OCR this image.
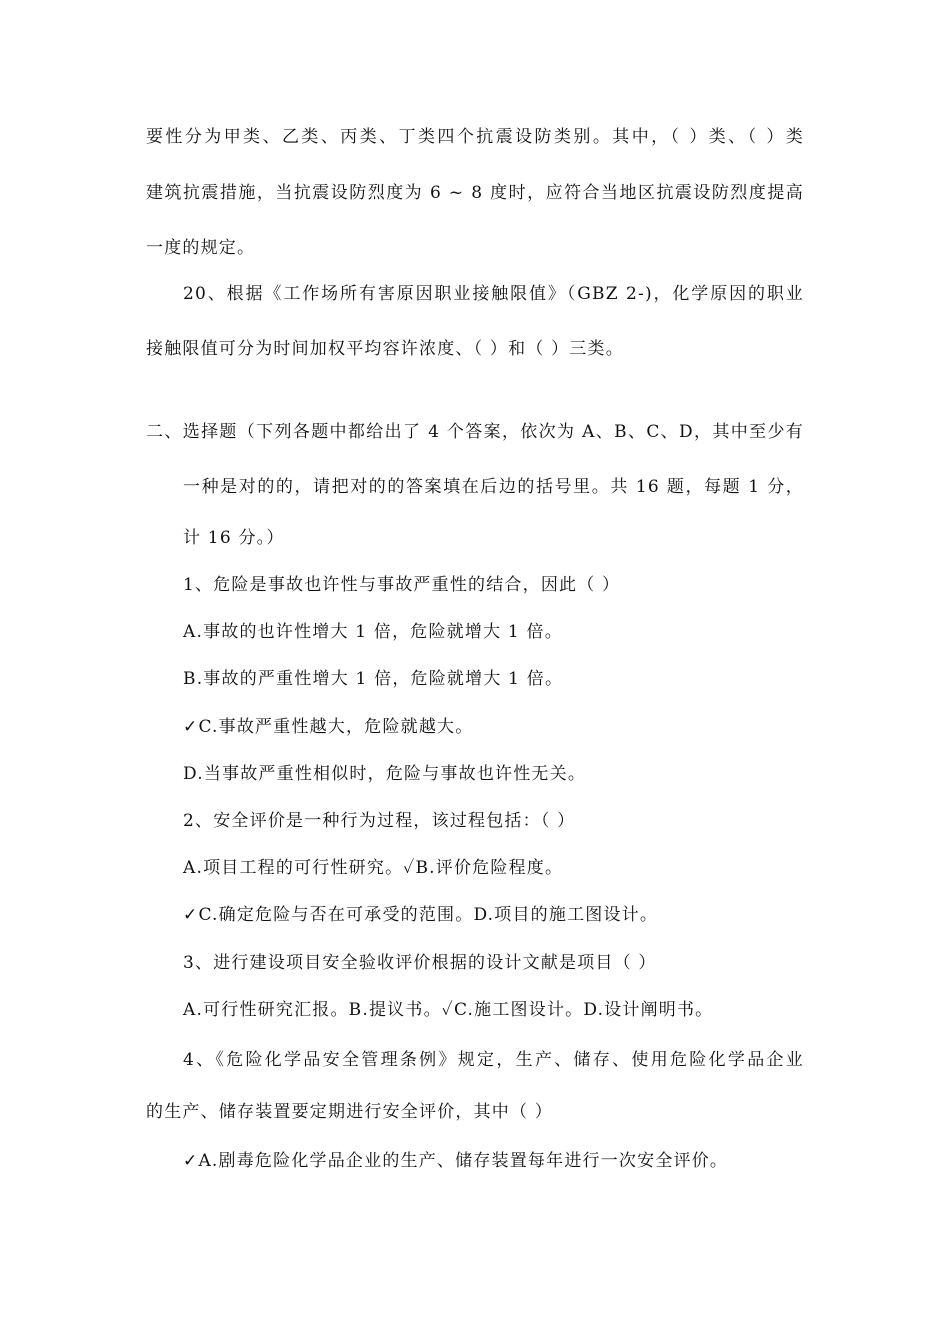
要性分为甲类、乙类、丙类、丁类四个抗震设防类别。其中，（ ）类、（ ）类
建筑抗震措施，当抗震设防烈度为 6 ~ 8 度时，应符合当地区抗震设防烈度提高
一度的规定。
20、根据《工作场所有害原因职业接触限值》（GBZ 2-)，化学原因的职业
接触限值可分为时间加权平均容许浓度、（ ）和（ ）三类。
二、选择题（下列各题中都给出了 4 个答案，依次为 A、B、C、D，其中至少有
一种是对的的，请把对的的答案填在后边的括号里。共 16 题，每题 1 分，
计 16 分。）
1、危险是事故也许性与事故严重性的结合，因此（ ）
A.事故的也许性增大 1 倍，危险就增大 1 倍。
B.事故的严重性增大 1 倍，危险就增大 1 倍。
✓C.事故严重性越大，危险就越大。
D.当事故严重性相似时，危险与事故也许性无关。
2、安全评价是一种行为过程，该过程包括：（ ）
A.项目工程的可行性研究。✓B.评价危险程度。
✓C.确定危险与否在可承受的范围。D.项目的施工图设计。
3、进行建设项目安全验收评价根据的设计文献是项目（ ）
A.可行性研究汇报。B.提议书。✓C.施工图设计。D.设计阐明书。
4、《危险化学品安全管理条例》规定，生产、储存、使用危险化学品企业
的生产、储存装置要定期进行安全评价，其中（ ）
✓A.剧毒危险化学品企业的生产、储存装置每年进行一次安全评价。
